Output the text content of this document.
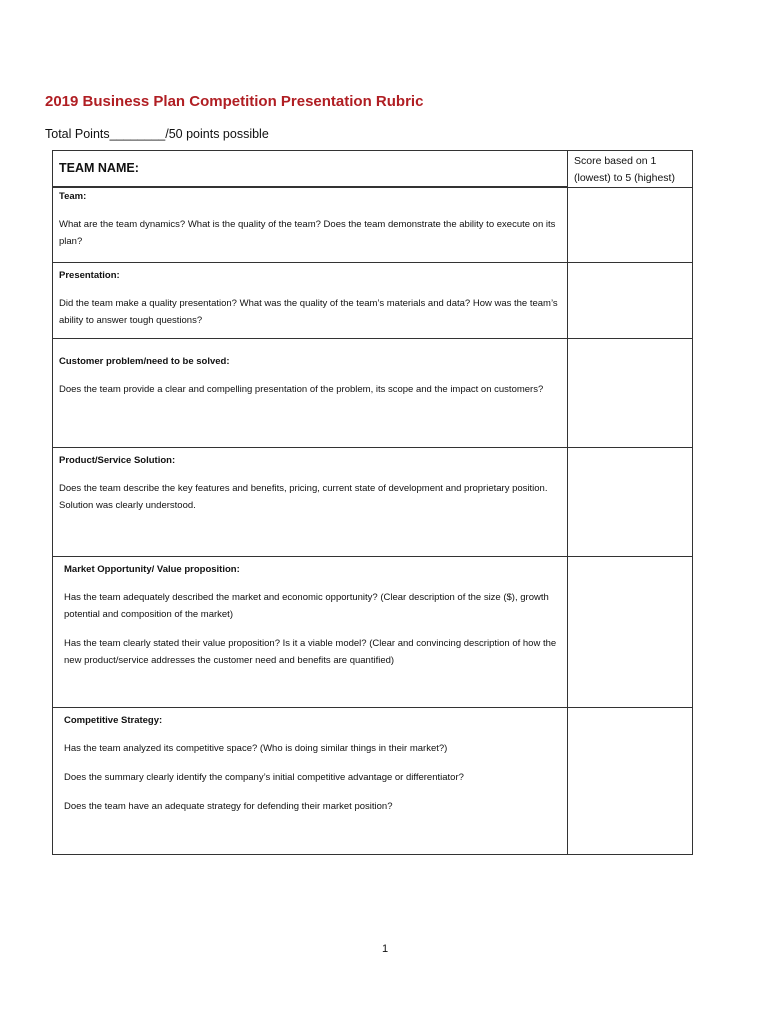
2019 Business Plan Competition Presentation Rubric
Total Points________/50 points possible
TEAM NAME:	Score based on 1 (lowest) to 5 (highest)

Team:

What are the team dynamics? What is the quality of the team? Does the team demonstrate the ability to execute on its plan?	

Presentation:

Did the team make a quality presentation? What was the quality of the team’s materials and data? How was the team’s ability to answer tough questions?	

Customer problem/need to be solved:

Does the team provide a clear and compelling presentation of the problem, its scope and the impact on customers?	

Product/Service Solution:

Does the team describe the key features and benefits, pricing, current state of development and proprietary position. Solution was clearly understood.	

Market Opportunity/ Value proposition:

Has the team adequately described the market and economic opportunity? (Clear description of the size ($), growth potential and composition of the market)

Has the team clearly stated their value proposition? Is it a viable model? (Clear and convincing description of how the new product/service addresses the customer need and benefits are quantified)	

Competitive Strategy:

Has the team analyzed its competitive space? (Who is doing similar things in their market?)

Does the summary clearly identify the company’s initial competitive advantage or differentiator?

Does the team have an adequate strategy for defending their market position?	

1
